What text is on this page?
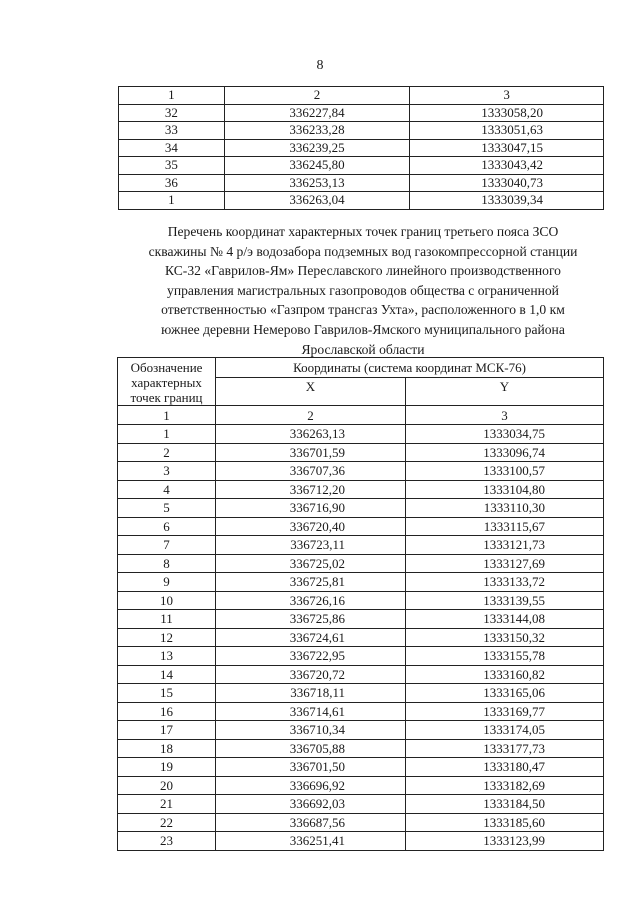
8
1	2	3
32	336227,84	1333058,20
33	336233,28	1333051,63
34	336239,25	1333047,15
35	336245,80	1333043,42
36	336253,13	1333040,73
1	336263,04	1333039,34
Перечень координат характерных точек границ третьего пояса ЗСО
скважины № 4 р/э водозабора подземных вод газокомпрессорной станции
КС-32 «Гаврилов-Ям» Переславского линейного производственного
управления магистральных газопроводов общества с ограниченной
ответственностью «Газпром трансгаз Ухта», расположенного в 1,0 км
южнее деревни Немерово Гаврилов-Ямского муниципального района
Ярославской области
Обозначение
характерных
точек границ	Координаты (система координат МСК-76)	
	X	Y
1	2	3
1	336263,13	1333034,75
2	336701,59	1333096,74
3	336707,36	1333100,57
4	336712,20	1333104,80
5	336716,90	1333110,30
6	336720,40	1333115,67
7	336723,11	1333121,73
8	336725,02	1333127,69
9	336725,81	1333133,72
10	336726,16	1333139,55
11	336725,86	1333144,08
12	336724,61	1333150,32
13	336722,95	1333155,78
14	336720,72	1333160,82
15	336718,11	1333165,06
16	336714,61	1333169,77
17	336710,34	1333174,05
18	336705,88	1333177,73
19	336701,50	1333180,47
20	336696,92	1333182,69
21	336692,03	1333184,50
22	336687,56	1333185,60
23	336251,41	1333123,99
